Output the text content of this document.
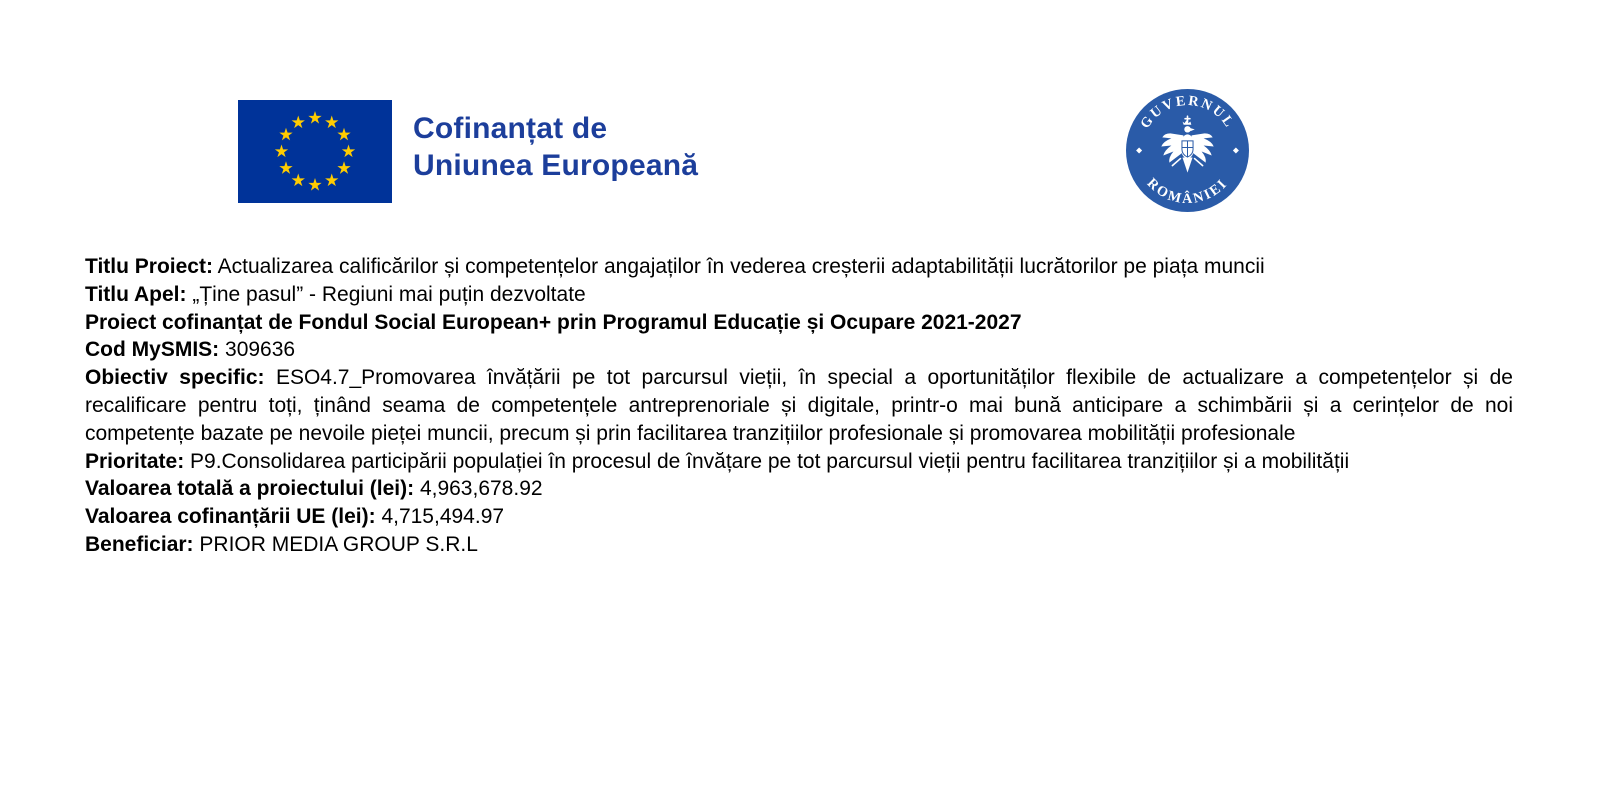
Cofinanțat de
Uniunea Europeană
GUVERNUL
ROMÂNIEI

Titlu Proiect: Actualizarea calificărilor și competențelor angajaților în vederea creșterii adaptabilității lucrătorilor pe piața muncii

Titlu Apel: „Ține pasul” - Regiuni mai puțin dezvoltate

Proiect cofinanțat de Fondul Social European+ prin Programul Educație și Ocupare 2021-2027

Cod MySMIS: 309636

Obiectiv specific: ESO4.7_Promovarea învățării pe tot parcursul vieții, în special a oportunităților flexibile de actualizare a competențelor și de recalificare pentru toți, ținând seama de competențele antreprenoriale și digitale, printr-o mai bună anticipare a schimbării și a cerințelor de noi competențe bazate pe nevoile pieței muncii, precum și prin facilitarea tranzițiilor profesionale și promovarea mobilității profesionale

Prioritate: P9.Consolidarea participării populației în procesul de învățare pe tot parcursul vieții pentru facilitarea tranzițiilor și a mobilității

Valoarea totală a proiectului (lei): 4,963,678.92

Valoarea cofinanțării UE (lei): 4,715,494.97

Beneficiar: PRIOR MEDIA GROUP S.R.L
